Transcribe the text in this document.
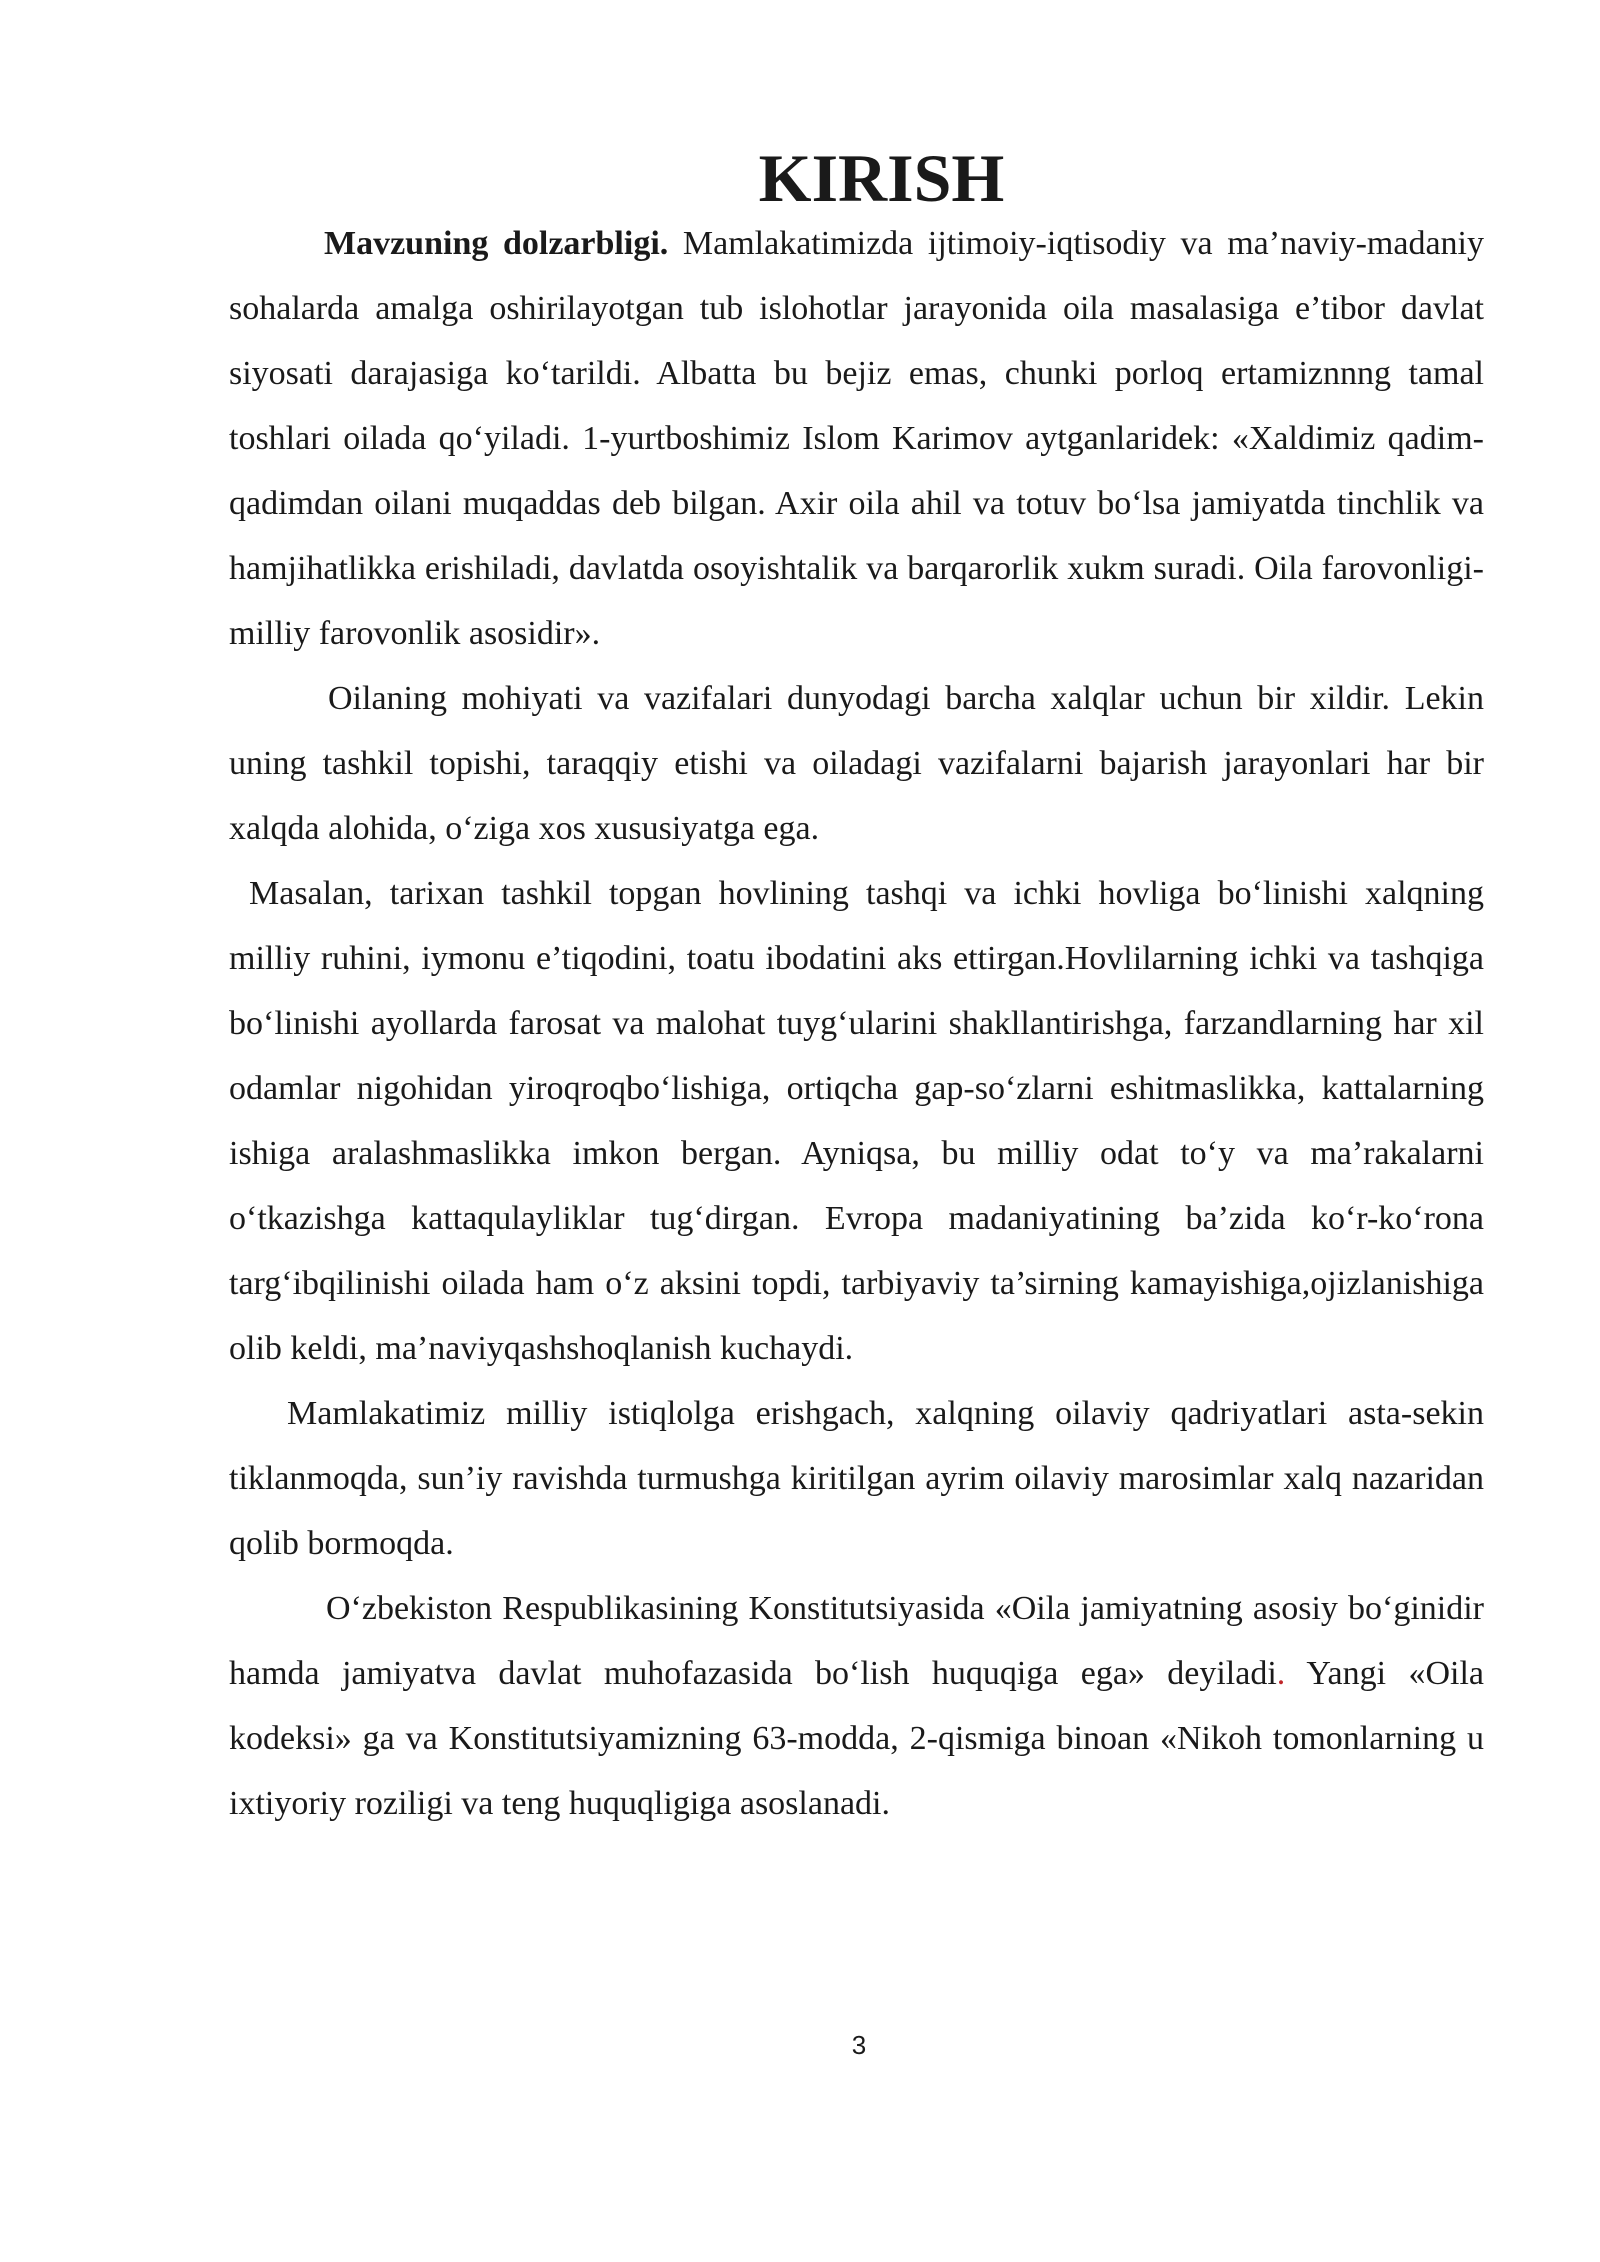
KIRISH

Mavzuning dolzarbligi. Mamlakatimizda ijtimoiy-iqtisodiy va ma’naviy-madaniy sohalarda amalga oshirilayotgan tub islohotlar jarayonida oila masalasiga e’tibor davlat siyosati darajasiga ko‘tarildi. Albatta bu bejiz emas, chunki porloq ertamiznnng tamal toshlari oilada qo‘yiladi. 1-yurtboshimiz Islom Karimov aytganlaridek: «Xaldimiz qadim-qadimdan oilani muqaddas deb bilgan. Axir oila ahil va totuv bo‘lsa jamiyatda tinchlik va hamjihatlikka erishiladi, davlatda osoyishtalik va barqarorlik xukm suradi. Oila farovonligi-milliy farovonlik asosidir».

Oilaning mohiyati va vazifalari dunyodagi barcha xalqlar uchun bir xildir. Lekin uning tashkil topishi, taraqqiy etishi va oiladagi vazifalarni bajarish jarayonlari har bir xalqda alohida, o‘ziga xos xususiyatga ega.

Masalan, tarixan tashkil topgan hovlining tashqi va ichki hovliga bo‘linishi xalqning milliy ruhini, iymonu e’tiqodini, toatu ibodatini aks ettirgan.Hovlilarning ichki va tashqiga bo‘linishi ayollarda farosat va malohat tuyg‘ularini shakllantirishga, farzandlarning har xil odamlar nigohidan yiroqroqbo‘lishiga, ortiqcha gap-so‘zlarni eshitmaslikka, kattalarning ishiga aralashmaslikka imkon bergan. Ayniqsa, bu milliy odat to‘y va ma’rakalarni o‘tkazishga kattaqulayliklar tug‘dirgan. Evropa madaniyatining ba’zida ko‘r-ko‘rona targ‘ibqilinishi oilada ham o‘z aksini topdi, tarbiyaviy ta’sirning kamayishiga,ojizlanishiga olib keldi, ma’naviyqashshoqlanish kuchaydi.

Mamlakatimiz milliy istiqlolga erishgach, xalqning oilaviy qadriyatlari asta-sekin tiklanmoqda, sun’iy ravishda turmushga kiritilgan ayrim oilaviy marosimlar xalq nazaridan qolib bormoqda.

O‘zbekiston Respublikasining Konstitutsiyasida «Oila jamiyatning asosiy bo‘ginidir hamda jamiyatva davlat muhofazasida bo‘lish huquqiga ega» deyiladi. Yangi «Oila kodeksi» ga va Konstitutsiyamizning 63-modda, 2-qismiga binoan «Nikoh tomonlarning u ixtiyoriy roziligi va teng huquqligiga asoslanadi.

3
